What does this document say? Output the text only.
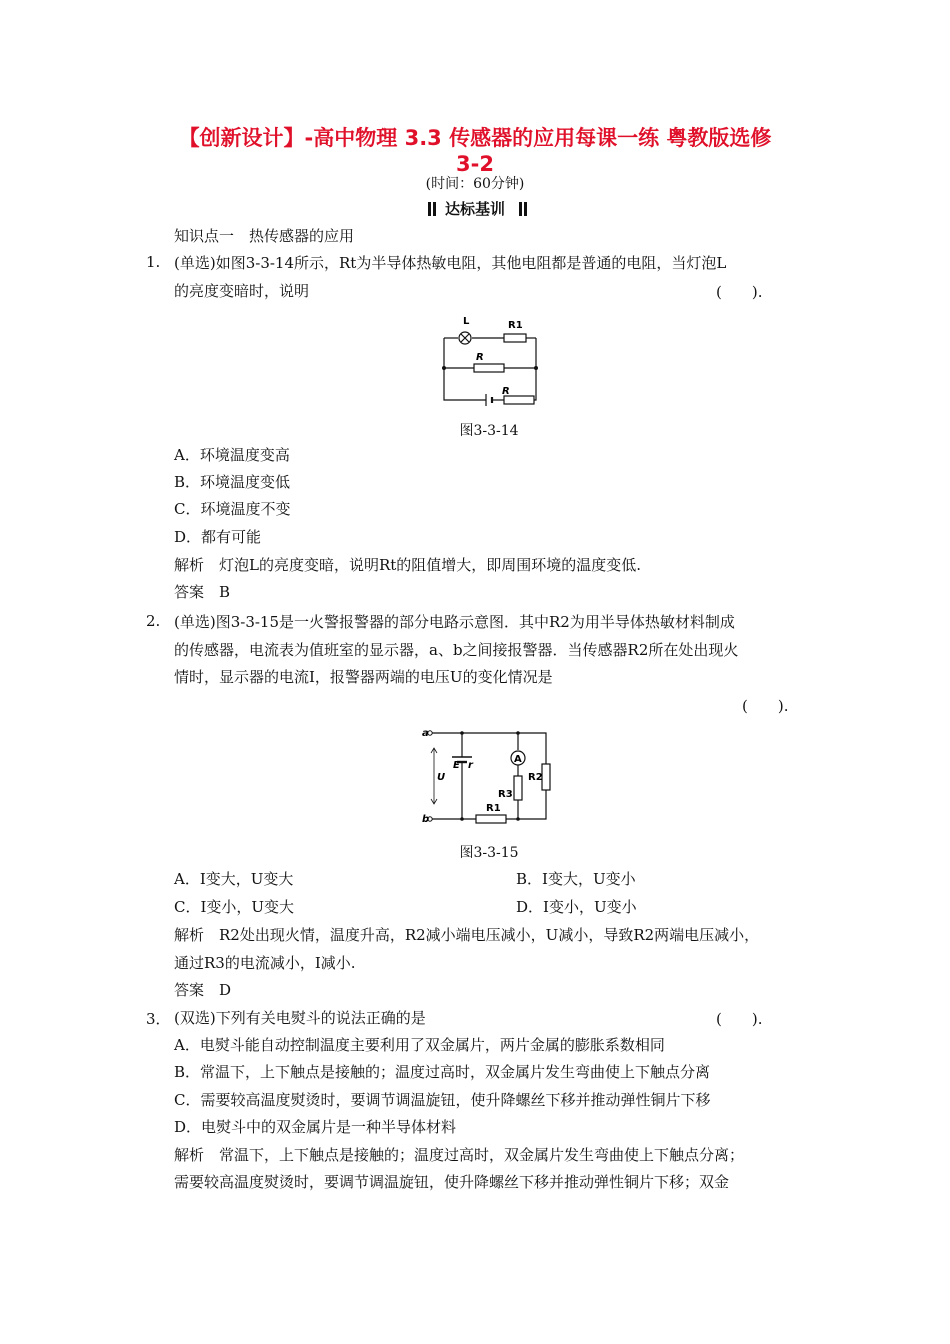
【创新设计】-高中物理 3.3 传感器的应用每课一练 粤教版选修
3-2
(时间：60分钟)
达标基训
知识点一　热传感器的应用
1. (单选)如图3-3-14所示，Rt为半导体热敏电阻，其他电阻都是普通的电阻，当灯泡L
的亮度变暗时，说明	(　　).
L	R1
R
R
图3-3-14
A．环境温度变高
B．环境温度变低
C．环境温度不变
D．都有可能
解析　灯泡L的亮度变暗，说明Rt的阻值增大，即周围环境的温度变低.
答案　B
2. (单选)图3-3-15是一火警报警器的部分电路示意图．其中R2为用半导体热敏材料制成
的传感器，电流表为值班室的显示器，a、b之间接报警器．当传感器R2所在处出现火
情时，显示器的电流I，报警器两端的电压U的变化情况是
(　　).
a
b
U
E r
A
R2
R3
R1
图3-3-15
A．I变大，U变大	B．I变大，U变小
C．I变小，U变大	D．I变小，U变小
解析　R2处出现火情，温度升高，R2减小端电压减小，U减小，导致R2两端电压减小，
通过R3的电流减小，I减小.
答案　D
3． (双选)下列有关电熨斗的说法正确的是	(　　).
A．电熨斗能自动控制温度主要利用了双金属片，两片金属的膨胀系数相同
B．常温下，上下触点是接触的；温度过高时，双金属片发生弯曲使上下触点分离
C．需要较高温度熨烫时，要调节调温旋钮，使升降螺丝下移并推动弹性铜片下移
D．电熨斗中的双金属片是一种半导体材料
解析　常温下，上下触点是接触的；温度过高时，双金属片发生弯曲使上下触点分离；
需要较高温度熨烫时，要调节调温旋钮，使升降螺丝下移并推动弹性铜片下移；双金
